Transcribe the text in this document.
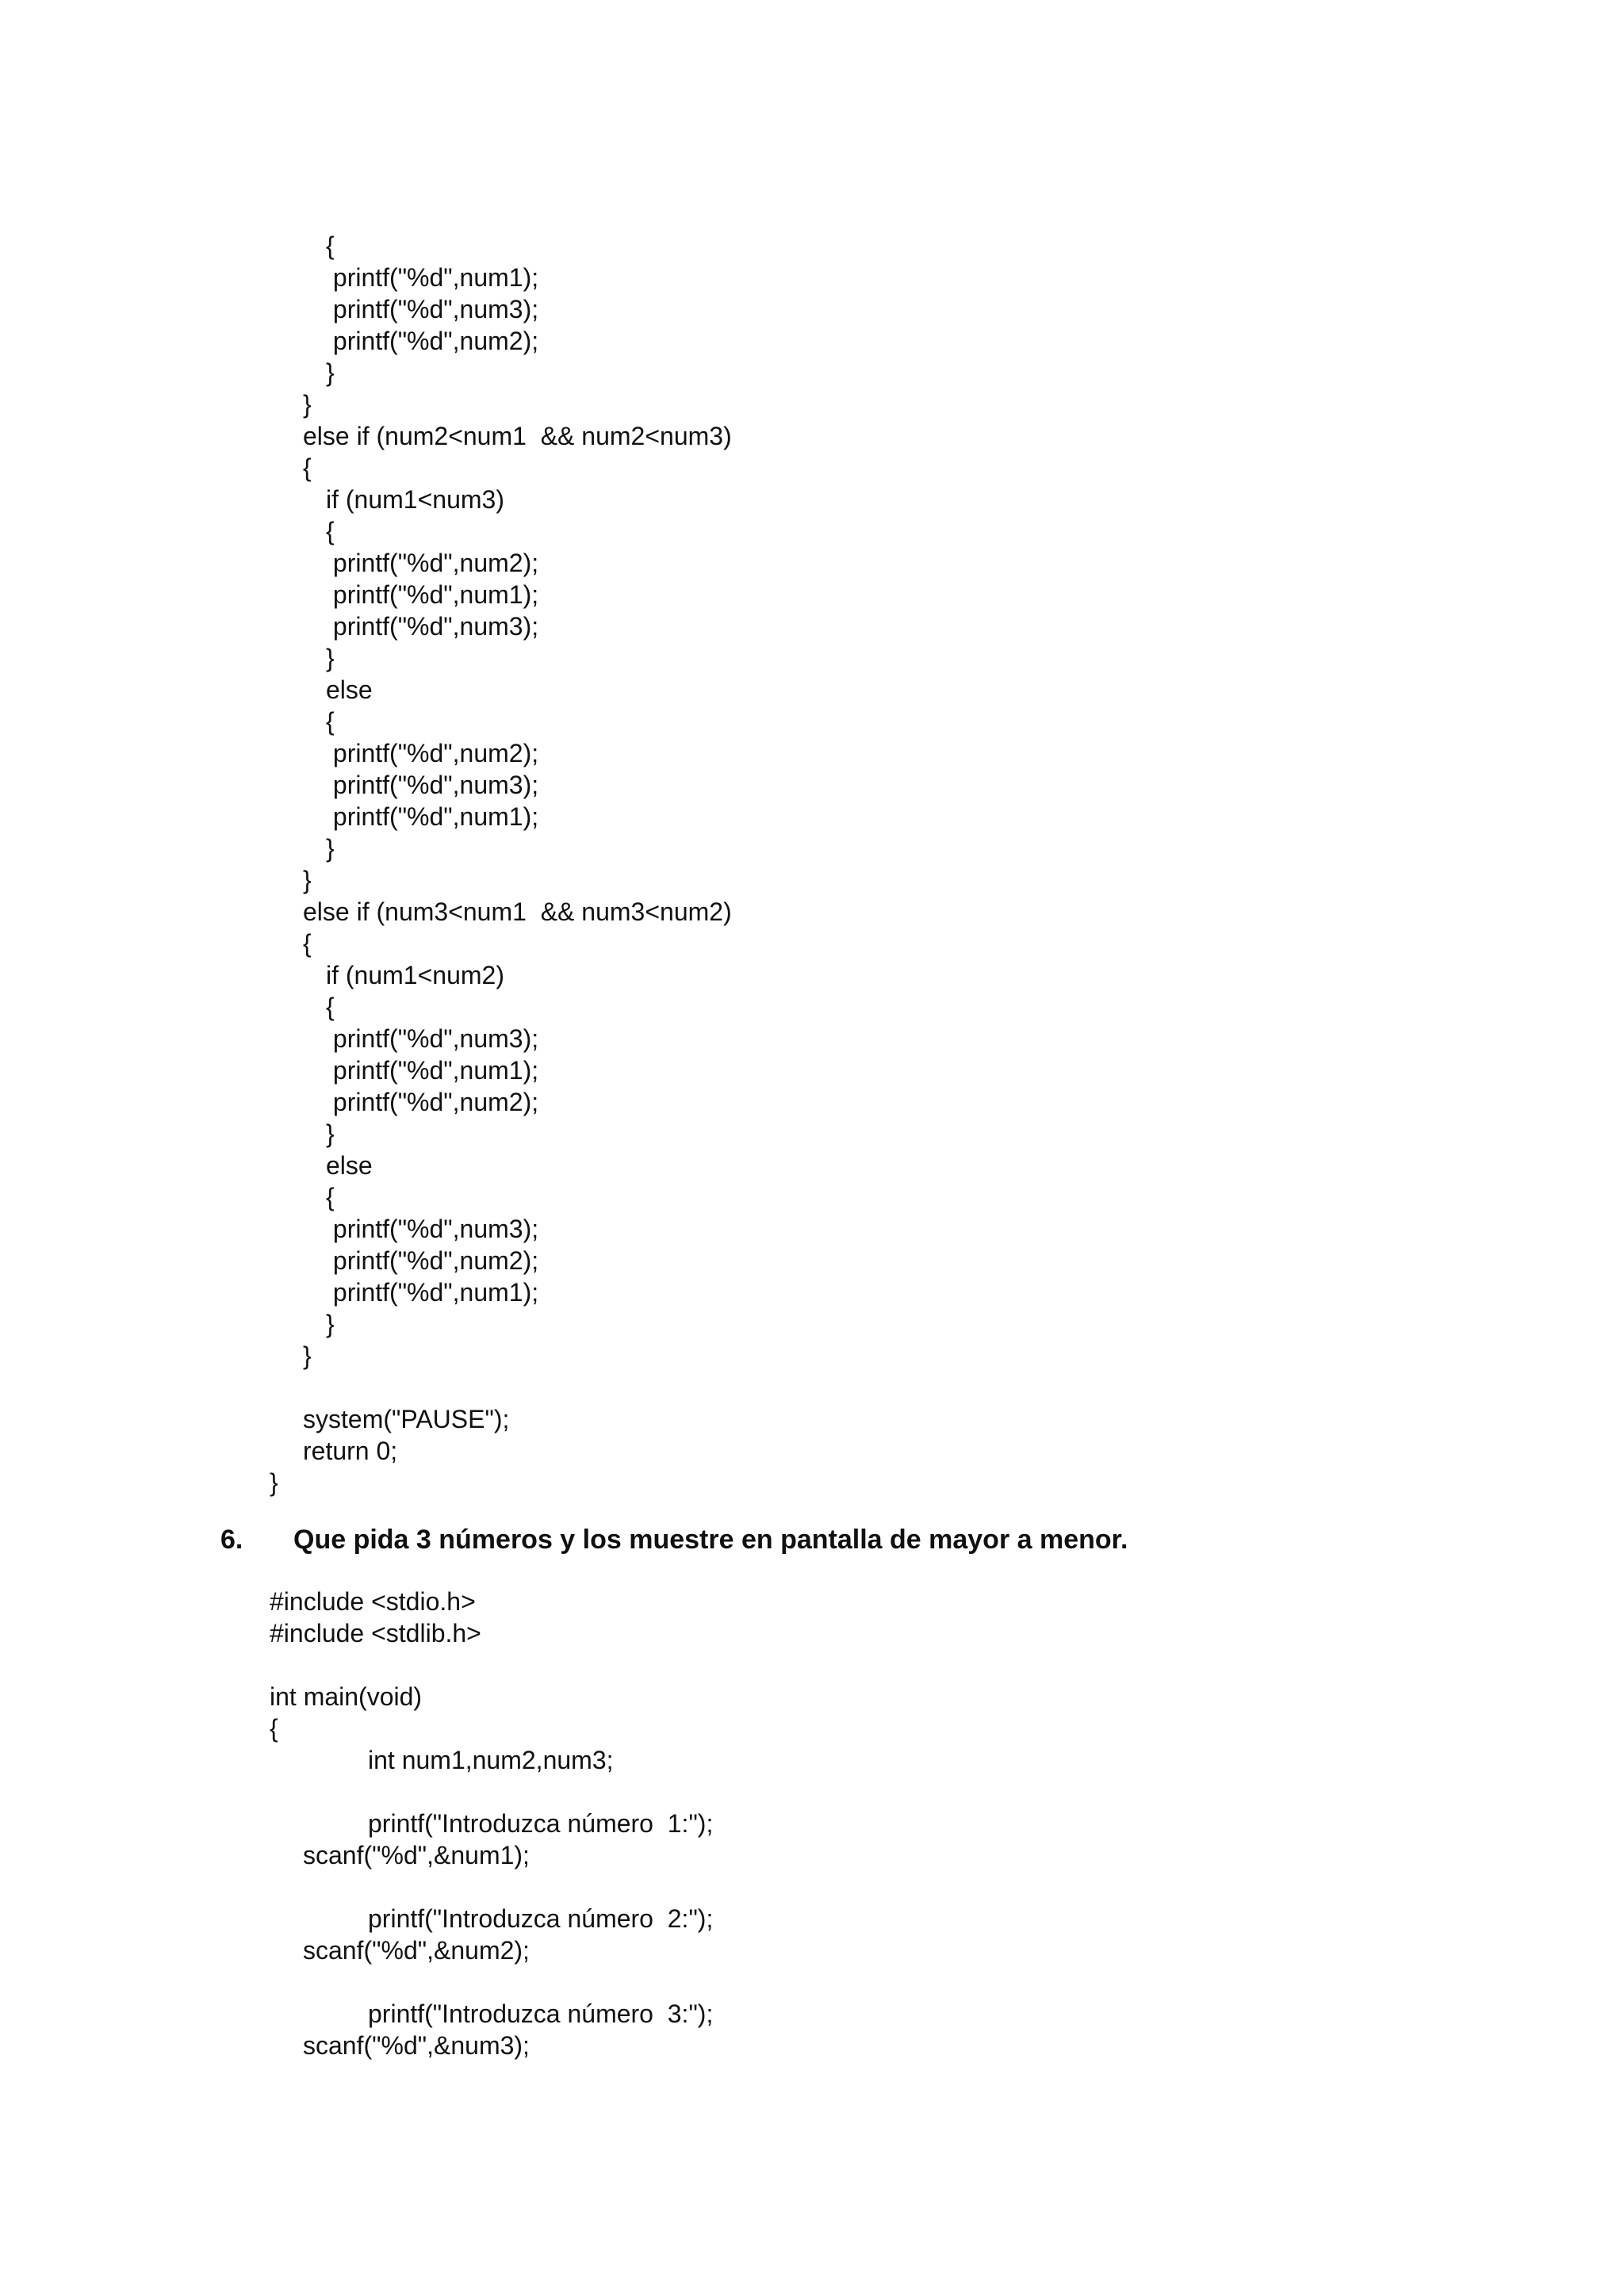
{

printf("%d",num1);

printf("%d",num3);

printf("%d",num2);

}

}

else if (num2<num1  && num2<num3)

{

if (num1<num3)

{

printf("%d",num2);

printf("%d",num1);

printf("%d",num3);

}

else

{

printf("%d",num2);

printf("%d",num3);

printf("%d",num1);

}

}

else if (num3<num1  && num3<num2)

{

if (num1<num2)

{

printf("%d",num3);

printf("%d",num1);

printf("%d",num2);

}

else

{

printf("%d",num3);

printf("%d",num2);

printf("%d",num1);

}

}

system("PAUSE");

return 0;

}

6. Que pida 3 números y los muestre en pantalla de mayor a menor.

#include <stdio.h>

#include <stdlib.h>

int main(void)

{

int num1,num2,num3;

printf("Introduzca número  1:");

scanf("%d",&num1);

printf("Introduzca número  2:");

scanf("%d",&num2);

printf("Introduzca número  3:");

scanf("%d",&num3);
